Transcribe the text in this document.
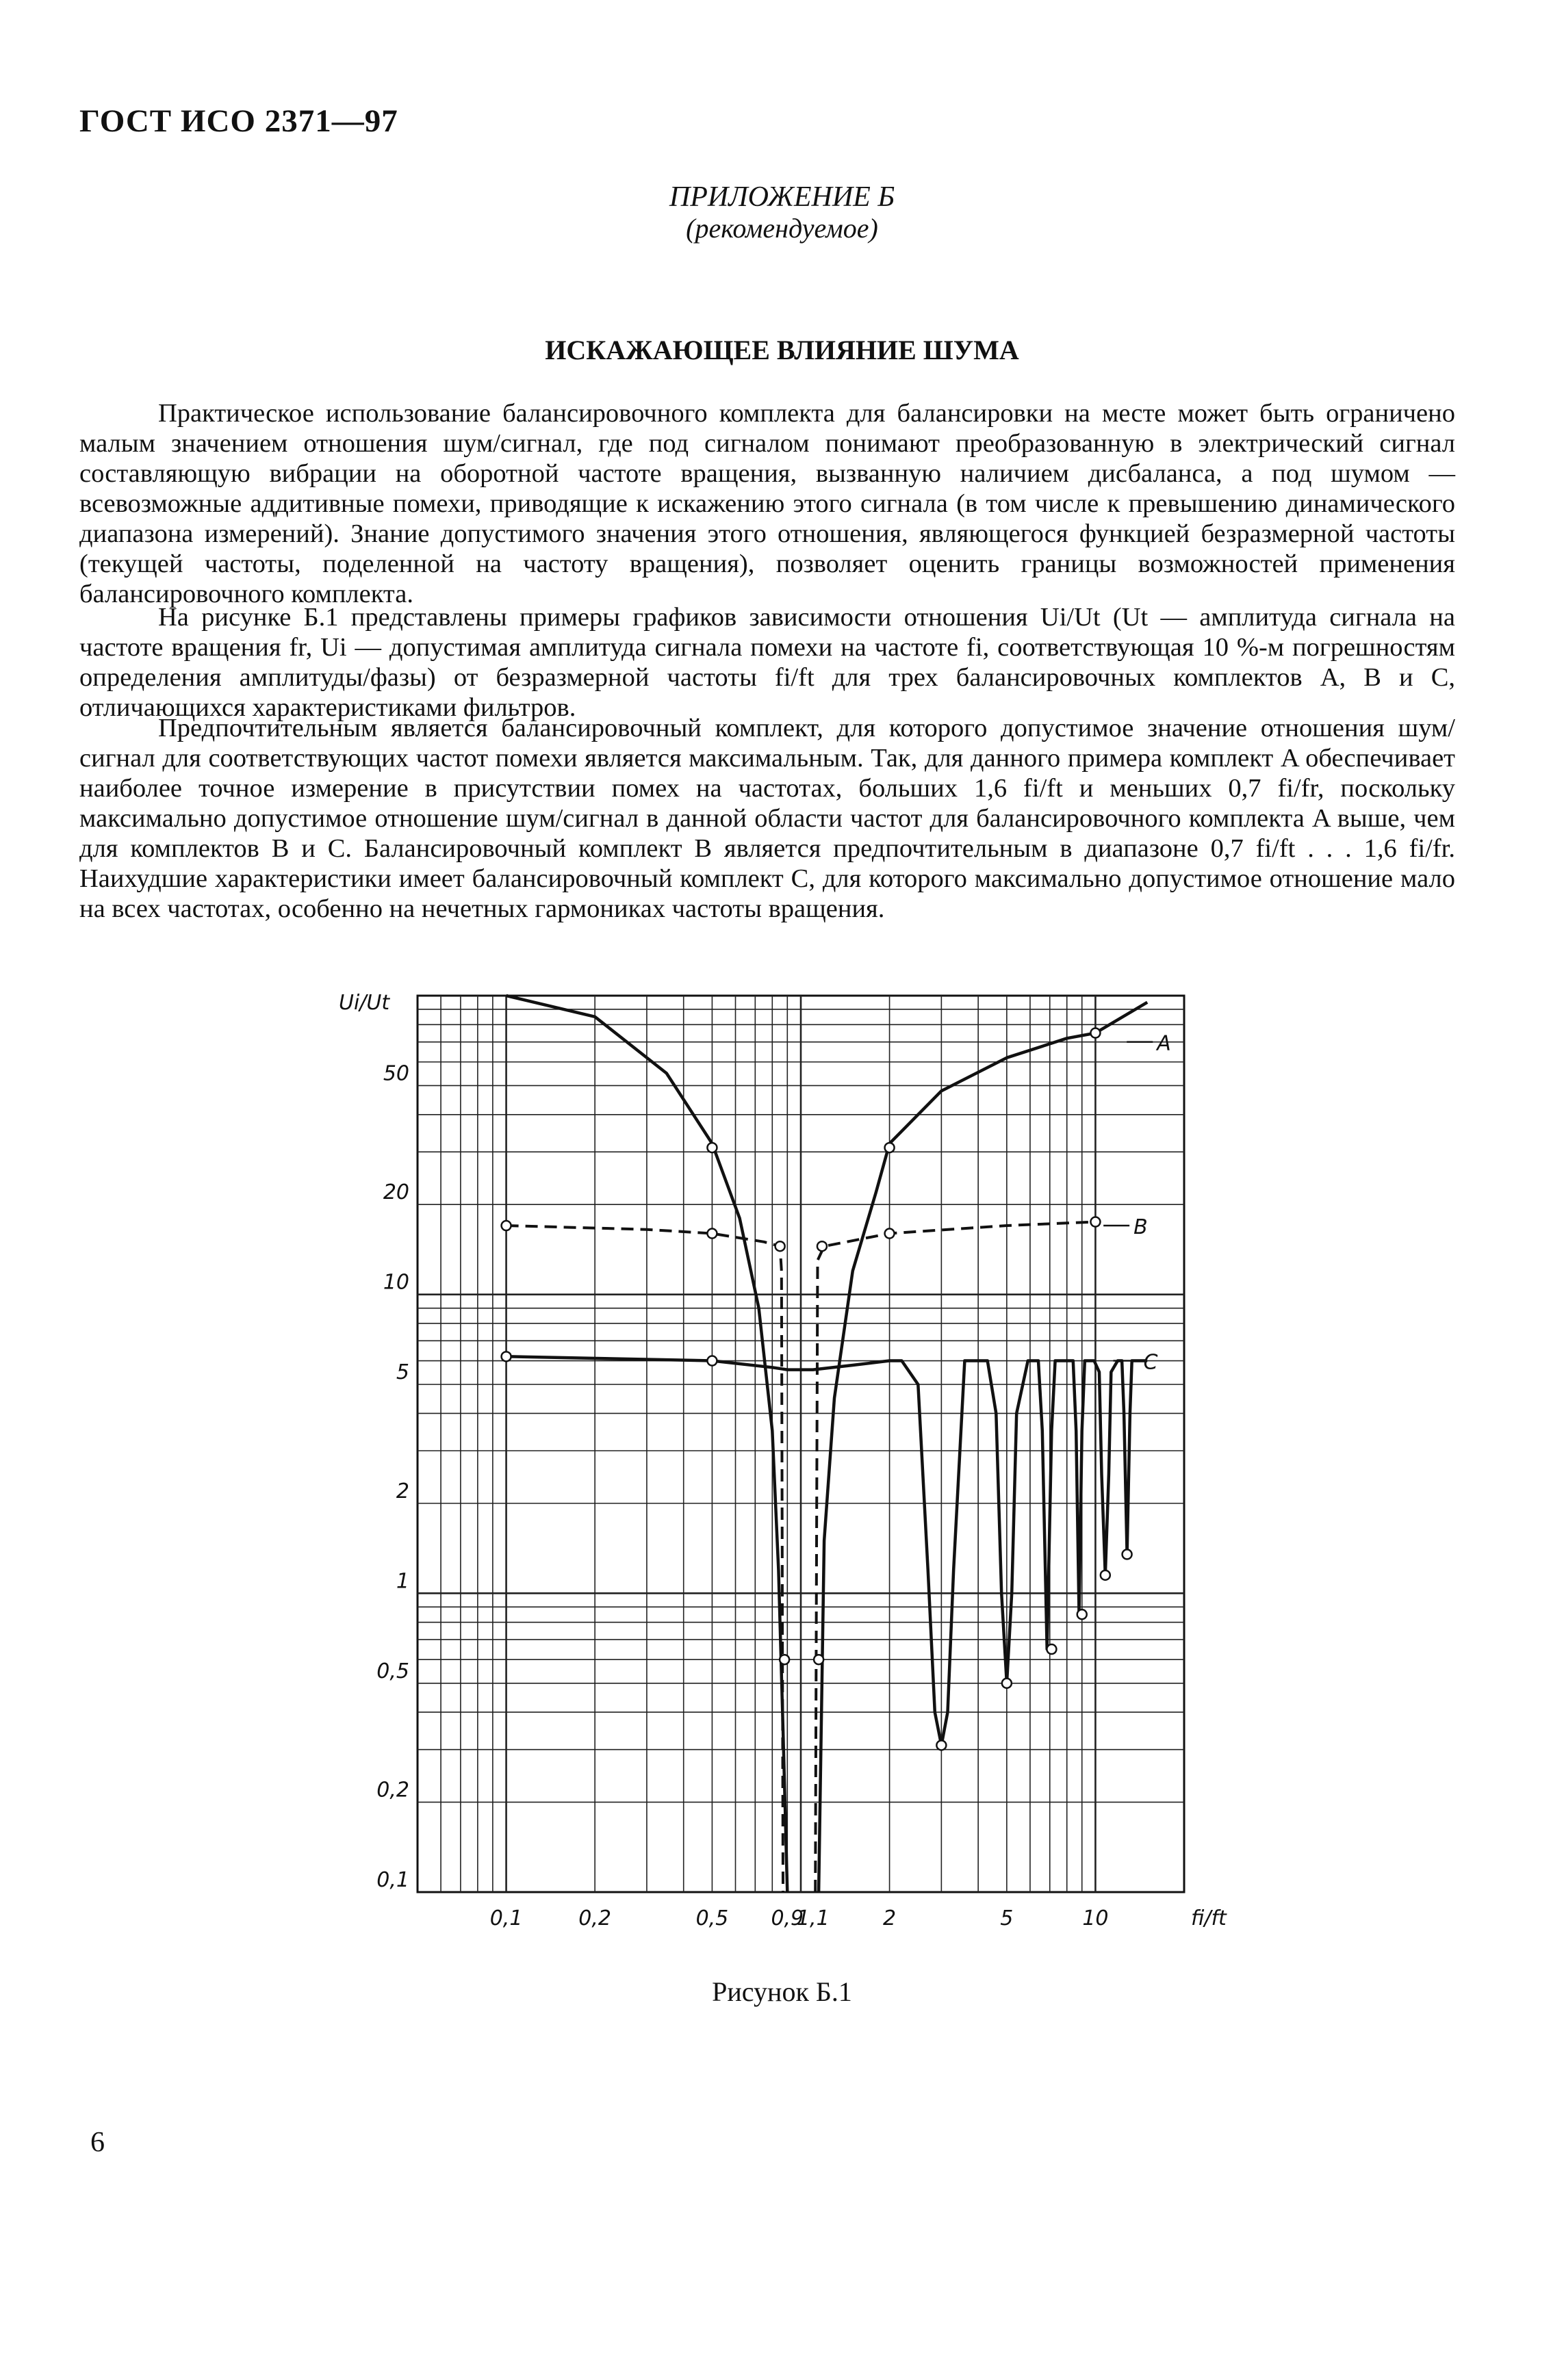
ГОСТ ИСО 2371—97
ПРИЛОЖЕНИЕ Б
(рекомендуемое)
ИСКАЖАЮЩЕЕ ВЛИЯНИЕ ШУМА

Практическое использование балансировочного комплекта для балансировки на месте может быть ограничено малым значением отношения шум/сигнал, где под сигналом понимают преобразованную в электрический сигнал составляющую вибрации на оборотной частоте вращения, вызванную наличием дисбаланса, а под шумом — всевозможные аддитивные помехи, приводящие к искажению этого сигнала (в том числе к превышению динамического диапазона измерений). Знание допустимого значения этого отношения, являющегося функцией безразмерной частоты (текущей частоты, поделенной на частоту вращения), позволяет оценить границы возможностей применения балансировочного комплекта.

На рисунке Б.1 представлены примеры графиков зависимости отношения Ui/Ut (Ut — амплитуда сигнала на частоте вращения fr, Ui — допустимая амплитуда сигнала помехи на частоте fi, соответствующая 10 %-м погрешностям определения амплитуды/фазы) от безразмерной частоты fi/ft для трех балансировочных комплектов A, B и C, отличающихся характеристиками фильтров.

Предпочтительным является балансировочный комплект, для которого допустимое значение отношения шум/сигнал для соответствующих частот помехи является максимальным. Так, для данного примера комплект A обеспечивает наиболее точное измерение в присутствии помех на частотах, больших 1,6 fi/ft и меньших 0,7 fi/fr, поскольку максимально допустимое отношение шум/сигнал в данной области частот для балансировочного комплекта A выше, чем для комплектов B и C. Балансировочный комплект B является предпочтительным в диапазоне 0,7 fi/ft . . . 1,6 fi/fr. Наихудшие характеристики имеет балансировочный комплект C, для которого максимально допустимое отношение мало на всех частотах, особенно на нечетных гармониках частоты вращения.

50
20
10
5
2
1
0,5
0,2
0,1
0,1	0,2	0,5 0,9
1,1	2	5	10
Ui/Ut
fi/ft
A
B
C
Рисунок Б.1
6
